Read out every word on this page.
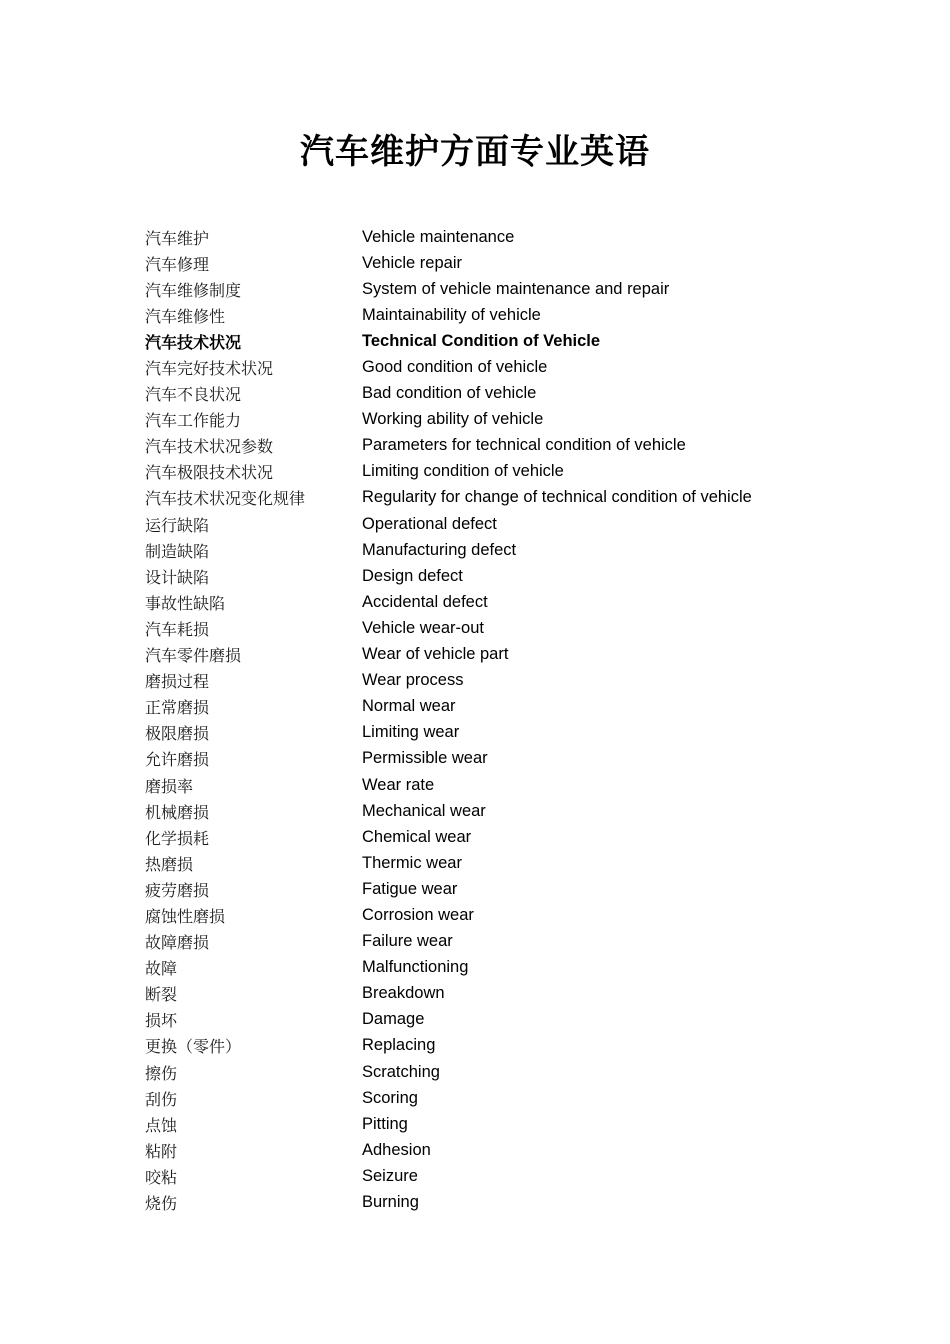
汽车维护方面专业英语
汽车维护	Vehicle maintenance
汽车修理	Vehicle repair
汽车维修制度	System of vehicle maintenance and repair
汽车维修性	Maintainability of vehicle
汽车技术状况	Technical Condition of Vehicle
汽车完好技术状况	Good condition of vehicle
汽车不良状况	Bad condition of vehicle
汽车工作能力	Working ability of vehicle
汽车技术状况参数	Parameters for technical condition of vehicle
汽车极限技术状况	Limiting condition of vehicle
汽车技术状况变化规律	Regularity for change of technical condition of vehicle
运行缺陷	Operational defect
制造缺陷	Manufacturing defect
设计缺陷	Design defect
事故性缺陷	Accidental defect
汽车耗损	Vehicle wear-out
汽车零件磨损	Wear of vehicle part
磨损过程	Wear process
正常磨损	Normal wear
极限磨损	Limiting wear
允许磨损	Permissible wear
磨损率	Wear rate
机械磨损	Mechanical wear
化学损耗	Chemical wear
热磨损	Thermic wear
疲劳磨损	Fatigue wear
腐蚀性磨损	Corrosion wear
故障磨损	Failure wear
故障	Malfunctioning
断裂	Breakdown
损坏	Damage
更换（零件）	Replacing
擦伤	Scratching
刮伤	Scoring
点蚀	Pitting
粘附	Adhesion
咬粘	Seizure
烧伤	Burning
